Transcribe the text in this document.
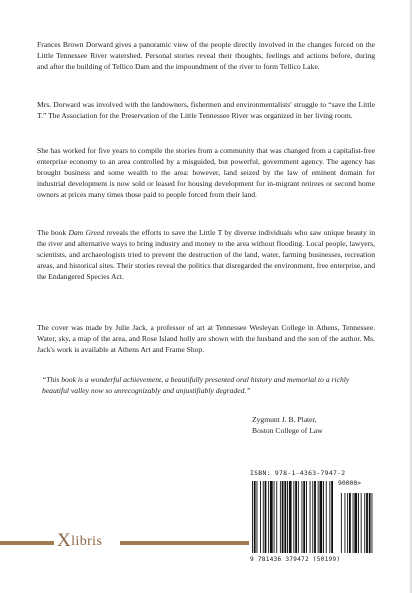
Frances Brown Dorward gives a panoramic view of the people directly involved in the changes forced on the Little Tennessee River watershed. Personal stories reveal their thoughts, feelings and actions before, during and after the building of Tellico Dam and the impoundment of the river to form Tellico Lake.

Mrs. Dorward was involved with the landowners, fishermen and environmentalists' struggle to “save the Little T.” The Association for the Preservation of the Little Tennessee River was organized in her living room.

She has worked for five years to compile the stories from a community that was changed from a capitalist-free enterprise economy to an area controlled by a misguided, but powerful, government agency. The agency has brought business and some wealth to the area: however, land seized by the law of eminent domain for industrial development is now sold or leased for housing development for in-migrant retirees or second home owners at prices many times those paid to people forced from their land.

The book Dam Greed reveals the efforts to save the Little T by diverse individuals who saw unique beauty in the river and alternative ways to bring industry and money to the area without flooding. Local people, lawyers, scientists, and archaeologists tried to prevent the destruction of the land, water, farming businesses, recreation areas, and historical sites. Their stories reveal the politics that disregarded the environment, free enterprise, and the Endangered Species Act.

The cover was made by Julie Jack, a professor of art at Tennessee Wesleyan College in Athens, Tennessee. Water, sky, a map of the area, and Rose Island holly are shown with the husband and the son of the author. Ms. Jack's work is available at Athens Art and Frame Shop.

“This book is a wonderful achievement, a beautifully presented oral history and memorial to a richly beautiful valley now so unrecognizably and unjustifiably degraded.”

Zygmunt J. B. Plater,
Boston College of Law
Xlibris
ISBN: 978-1-4363-7947-2
90000>
9 781436 379472 (50199)
